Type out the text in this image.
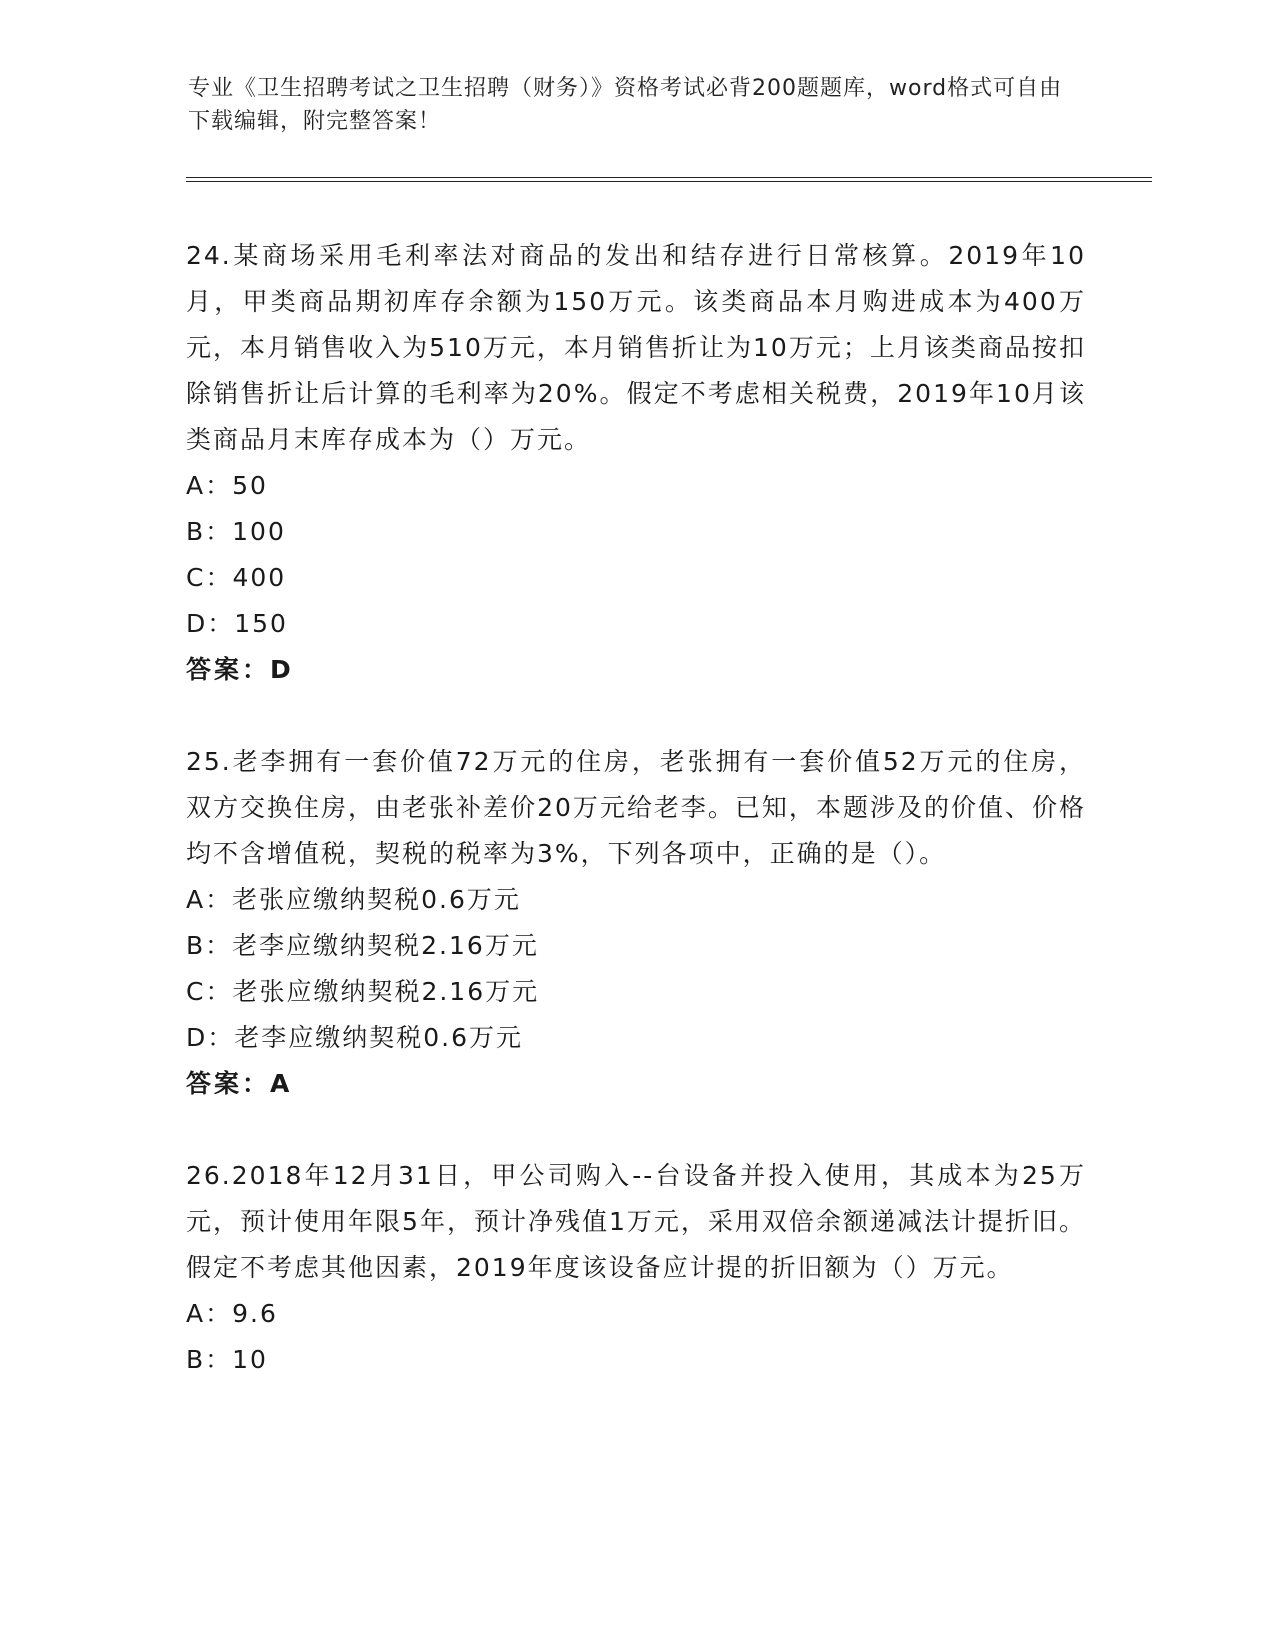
专业《卫生招聘考试之卫生招聘（财务）》资格考试必背200题题库，word格式可自由下载编辑，附完整答案！

24.某商场采用毛利率法对商品的发出和结存进行日常核算。2019年10月，甲类商品期初库存余额为150万元。该类商品本月购进成本为400万元，本月销售收入为510万元，本月销售折让为10万元；上月该类商品按扣除销售折让后计算的毛利率为20%。假定不考虑相关税费，2019年10月该类商品月末库存成本为（）万元。

A：50

B：100

C：400

D：150

答案：D

25.老李拥有一套价值72万元的住房，老张拥有一套价值52万元的住房，双方交换住房，由老张补差价20万元给老李。已知，本题涉及的价值、价格均不含增值税，契税的税率为3%，下列各项中，正确的是（）。

A：老张应缴纳契税0.6万元

B：老李应缴纳契税2.16万元

C：老张应缴纳契税2.16万元

D：老李应缴纳契税0.6万元

答案：A

26.2018年12月31日，甲公司购入--台设备并投入使用，其成本为25万元，预计使用年限5年，预计净残值1万元，采用双倍余额递减法计提折旧。假定不考虑其他因素，2019年度该设备应计提的折旧额为（）万元。

A：9.6

B：10
